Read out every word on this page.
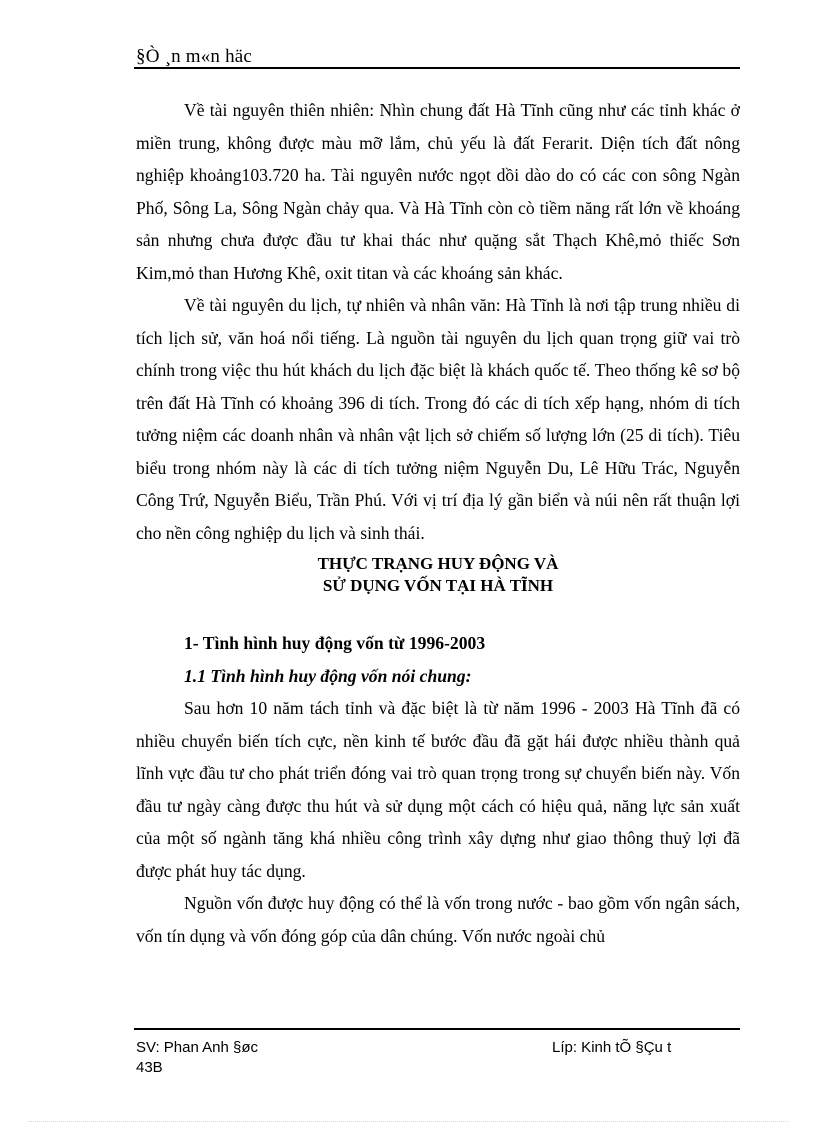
§Ò ¸n m«n häc

Về tài nguyên thiên nhiên: Nhìn chung đất Hà Tĩnh cũng như các tỉnh khác ở miền trung, không được màu mỡ lắm, chủ yếu là đất Ferarit. Diện tích đất nông nghiệp khoảng103.720 ha. Tài nguyên nước ngọt dồi dào do có các con sông Ngàn Phố, Sông La, Sông Ngàn chảy qua. Và Hà Tĩnh còn cò tiềm năng rất lớn về khoáng sản nhưng chưa được đầu tư khai thác như quặng sắt Thạch Khê,mỏ thiếc Sơn Kim,mỏ than Hương Khê, oxit titan và các khoáng sản khác.

Về tài nguyên du lịch, tự nhiên và nhân văn: Hà Tĩnh là nơi tập trung nhiều di tích lịch sử, văn hoá nổi tiếng. Là nguồn tài nguyên du lịch quan trọng giữ vai trò chính trong việc thu hút khách du lịch đặc biệt là khách quốc tế. Theo thống kê sơ bộ trên đất Hà Tĩnh có khoảng 396 di tích. Trong đó các di tích xếp hạng, nhóm di tích tưởng niệm các doanh nhân và nhân vật lịch sở chiếm số lượng lớn (25 di tích). Tiêu biểu trong nhóm này là các di tích tưởng niệm Nguyễn Du, Lê Hữu Trác, Nguyễn Công Trứ, Nguyễn Biểu, Trần Phú. Với vị trí địa lý gần biển và núi nên rất thuận lợi cho nền công nghiệp du lịch và sinh thái.

THỰC TRẠNG HUY ĐỘNG VÀ

SỬ DỤNG VỐN TẠI HÀ TĨNH

1- Tình hình huy động vốn từ 1996-2003

1.1 Tình hình huy động vốn nói chung:

Sau hơn 10 năm tách tỉnh và đặc biệt là từ năm 1996 - 2003 Hà Tĩnh đã có nhiều chuyển biến tích cực, nền kinh tế bước đầu đã gặt hái được nhiều thành quả lĩnh vực đầu tư cho phát triển đóng vai trò quan trọng trong sự chuyển biến này. Vốn đầu tư ngày càng được thu hút và sử dụng một cách có hiệu quả, năng lực sản xuất của một số ngành tăng khá nhiều công trình xây dựng như giao thông thuỷ lợi đã được phát huy tác dụng.

Nguồn vốn được huy động có thể là vốn trong nước - bao gồm vốn ngân sách, vốn tín dụng và vốn đóng góp của dân chúng. Vốn nước ngoài chủ

SV: Phan Anh §øc
43B
Líp: Kinh tÕ §Çu t
